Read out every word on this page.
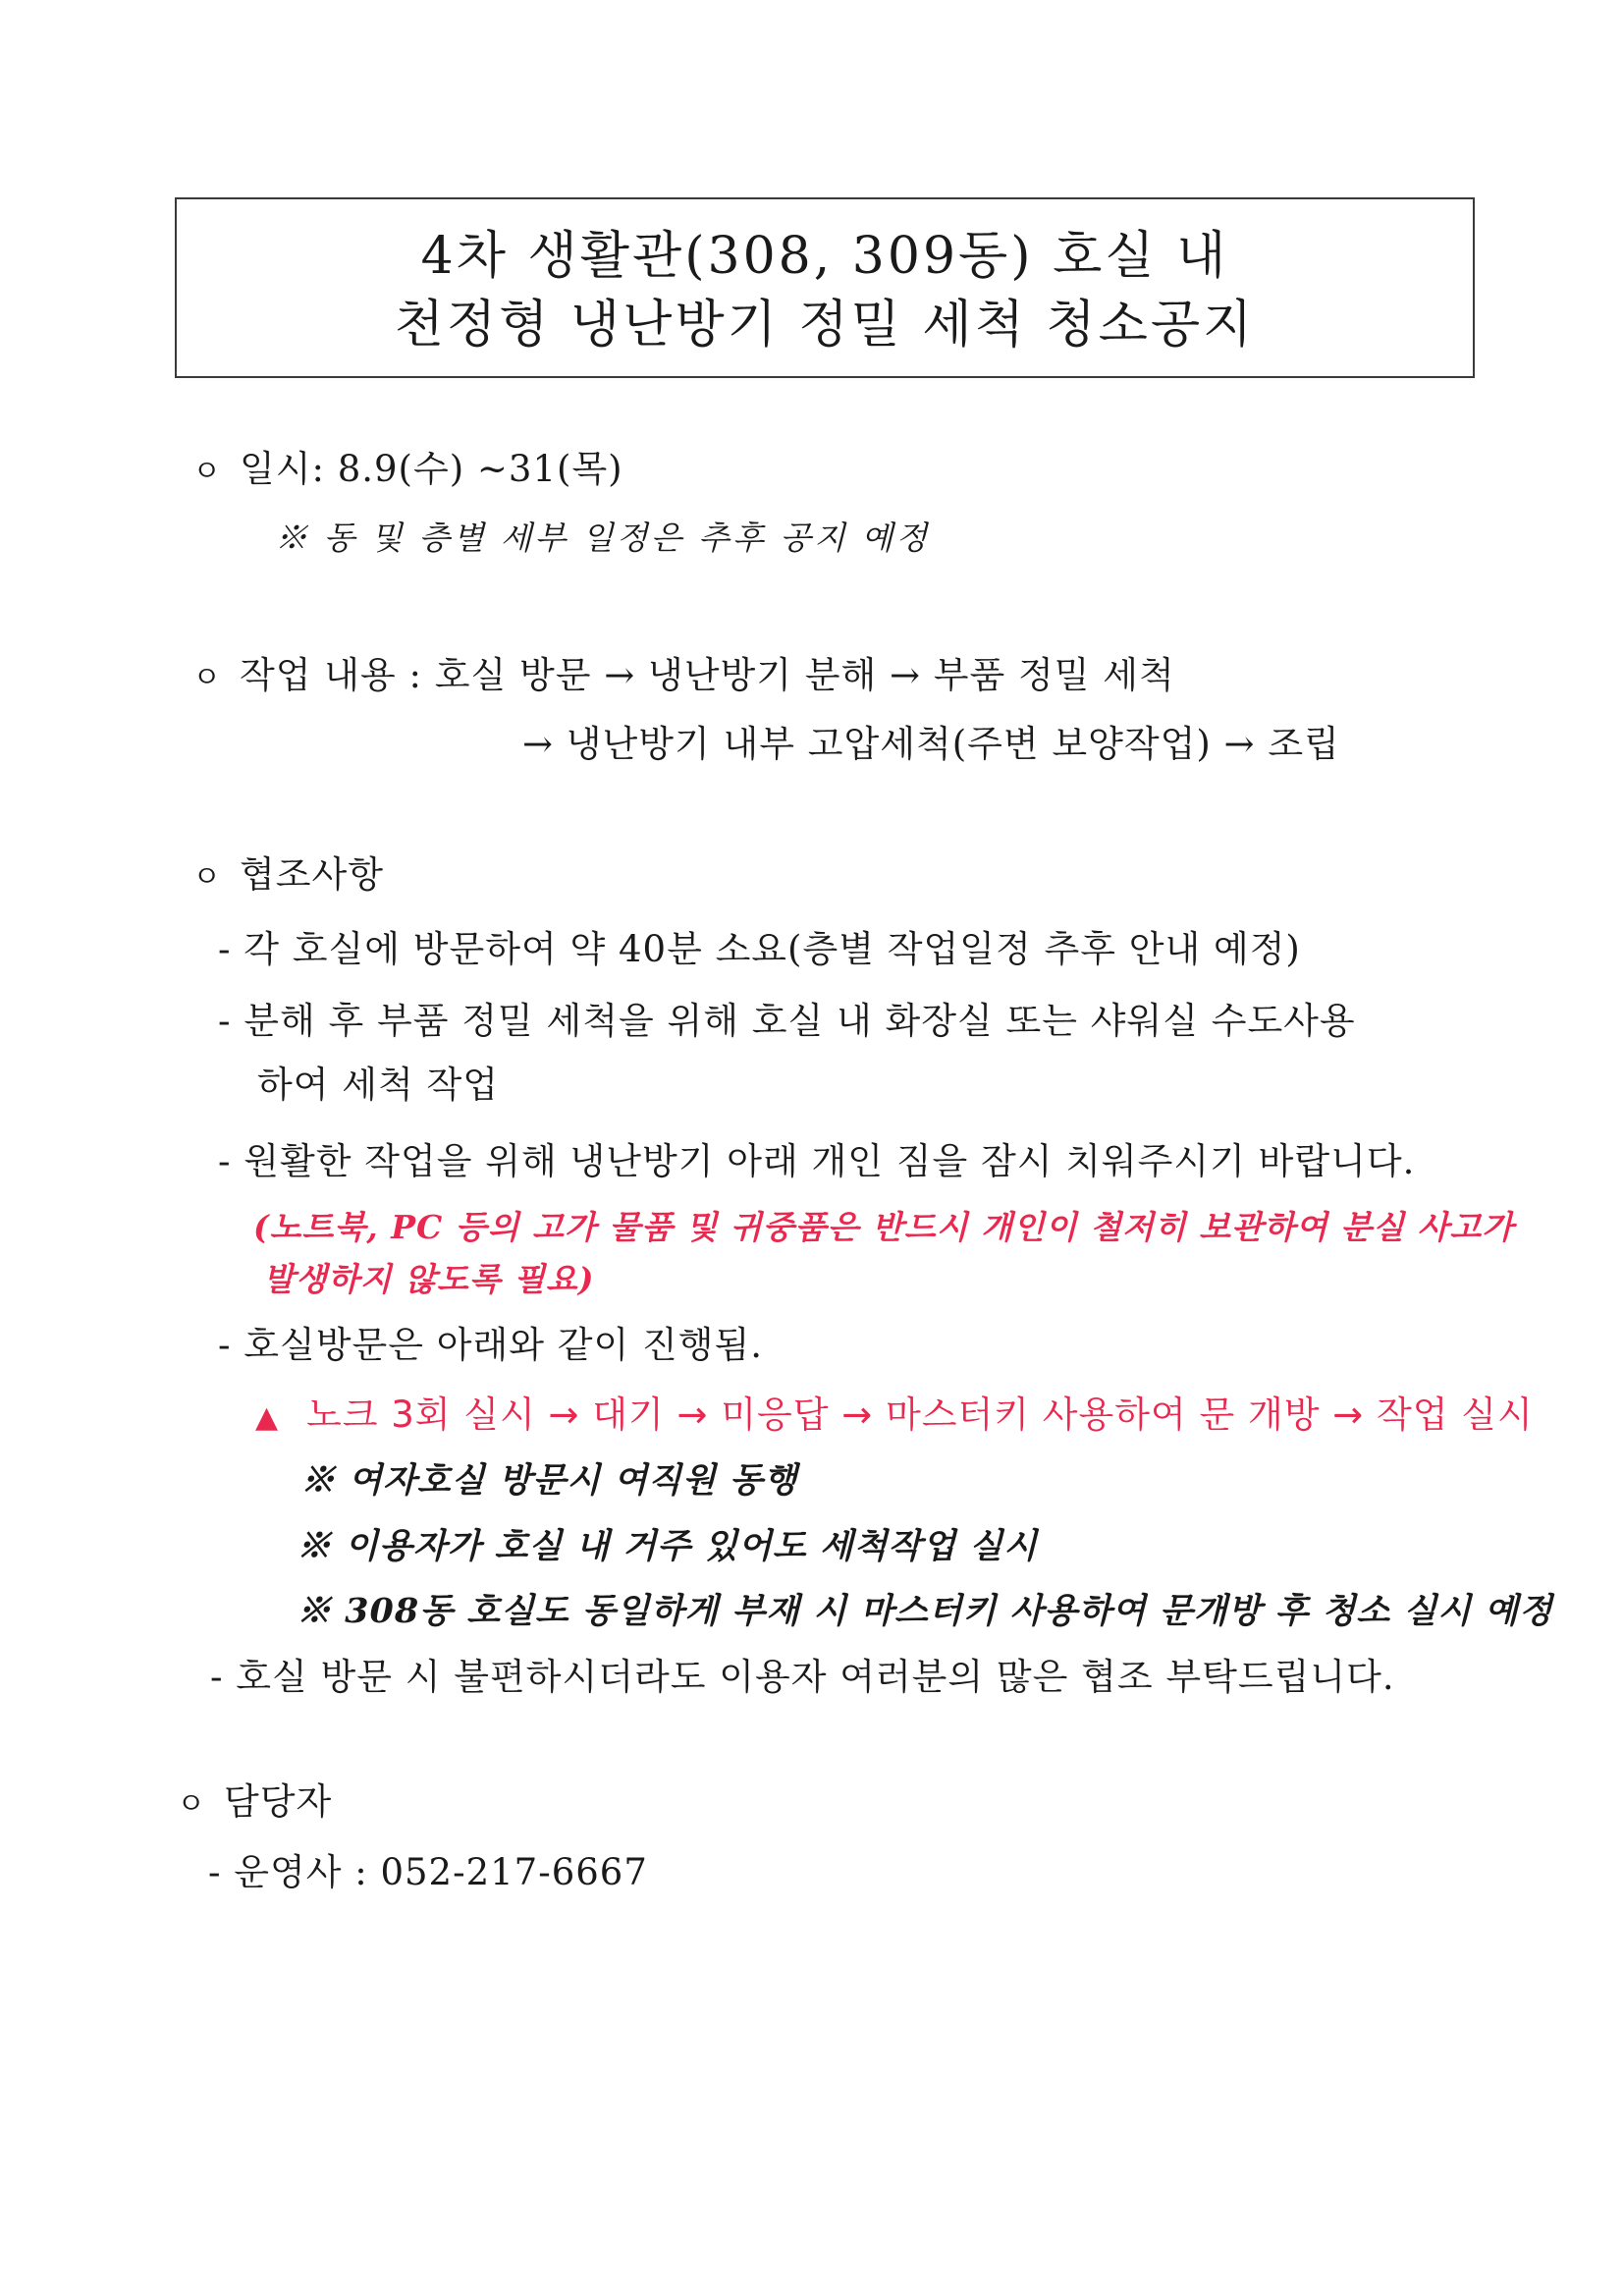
4차 생활관(308, 309동) 호실 내
천정형 냉난방기 정밀 세척 청소공지
ㅇ 일시: 8.9(수) ~31(목)
※ 동 및 층별 세부 일정은 추후 공지 예정
ㅇ 작업 내용 : 호실 방문 → 냉난방기 분해 → 부품 정밀 세척
→ 냉난방기 내부 고압세척(주변 보양작업) → 조립
ㅇ 협조사항
- 각 호실에 방문하여 약 40분 소요(층별 작업일정 추후 안내 예정)
- 분해 후 부품 정밀 세척을 위해 호실 내 화장실 또는 샤워실 수도사용
하여 세척 작업
- 원활한 작업을 위해 냉난방기 아래 개인 짐을 잠시 치워주시기 바랍니다.
(노트북, PC 등의 고가 물품 및 귀중품은 반드시 개인이 철저히 보관하여 분실 사고가
발생하지 않도록 필요)
- 호실방문은 아래와 같이 진행됨.
▲ 노크 3회 실시 → 대기 → 미응답 → 마스터키 사용하여 문 개방 → 작업 실시
※ 여자호실 방문시 여직원 동행
※ 이용자가 호실 내 거주 있어도 세척작업 실시
※ 308동 호실도 동일하게 부재 시 마스터키 사용하여 문개방 후 청소 실시 예정
- 호실 방문 시 불편하시더라도 이용자 여러분의 많은 협조 부탁드립니다.
ㅇ 담당자
- 운영사 : 052-217-6667
